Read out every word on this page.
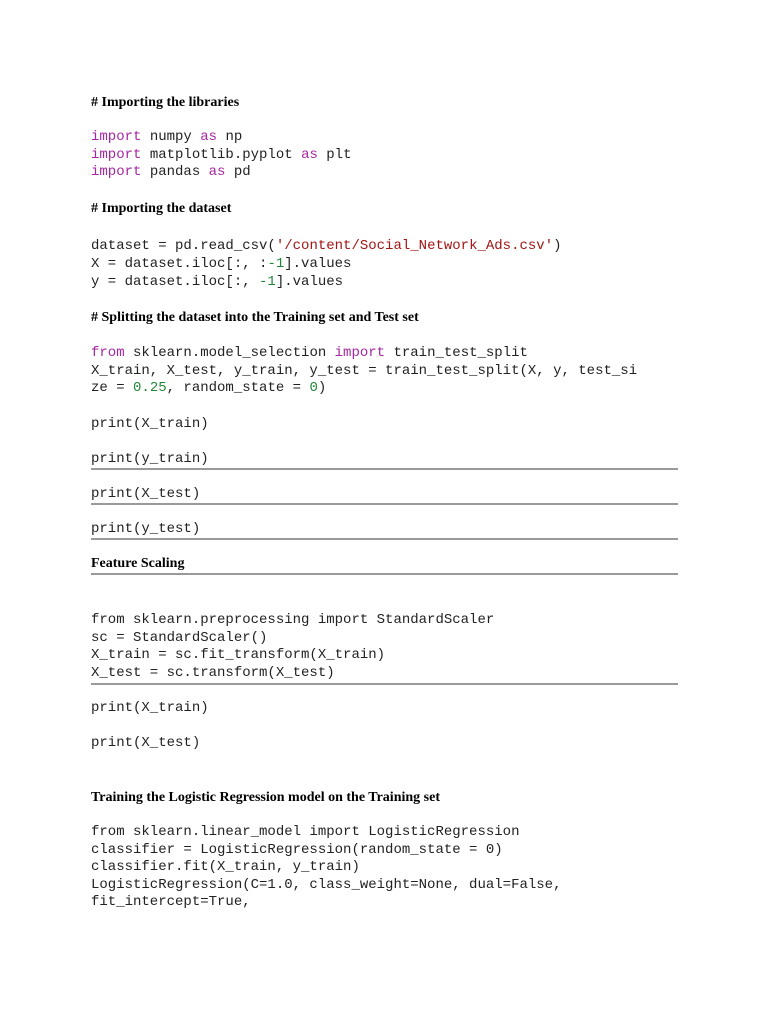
# Importing the libraries
import numpy as np
import matplotlib.pyplot as plt
import pandas as pd
# Importing the dataset
dataset = pd.read_csv('/content/Social_Network_Ads.csv')
X = dataset.iloc[:, :-1].values
y = dataset.iloc[:, -1].values
# Splitting the dataset into the Training set and Test set
from sklearn.model_selection import train_test_split
X_train, X_test, y_train, y_test = train_test_split(X, y, test_si
ze = 0.25, random_state = 0)
print(X_train)
print(y_train)
print(X_test)
print(y_test)
Feature Scaling
from sklearn.preprocessing import StandardScaler
sc = StandardScaler()
X_train = sc.fit_transform(X_train)
X_test = sc.transform(X_test)
print(X_train)
print(X_test)
Training the Logistic Regression model on the Training set
from sklearn.linear_model import LogisticRegression
classifier = LogisticRegression(random_state = 0)
classifier.fit(X_train, y_train)
LogisticRegression(C=1.0, class_weight=None, dual=False,
fit_intercept=True,
